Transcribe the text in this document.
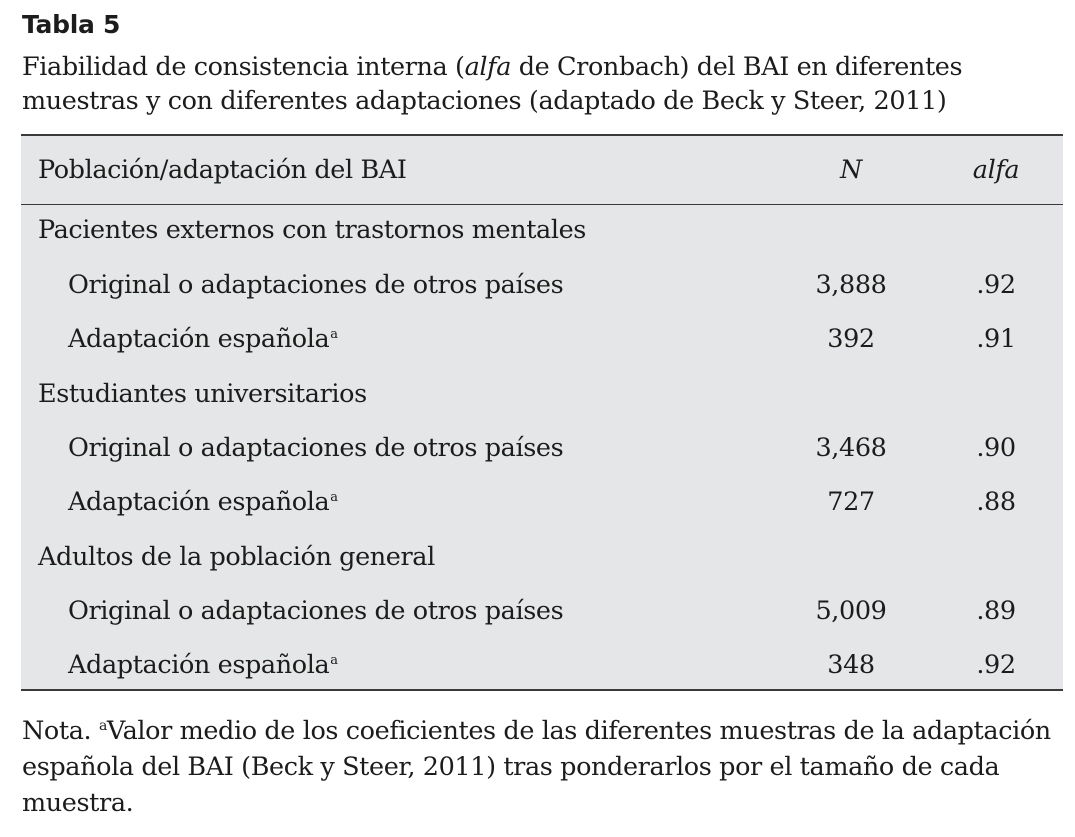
Tabla 5
Fiabilidad de consistencia interna (alfa de Cronbach) del BAI en diferentes muestras y con diferentes adaptaciones (adaptado de Beck y Steer, 2011)
Población/adaptación del BAI	N	alfa
Pacientes externos con trastornos mentales
Original o adaptaciones de otros países	3,888	.92
Adaptación española$^a$	392	.91
Estudiantes universitarios
Original o adaptaciones de otros países	3,468	.90
Adaptación española$^a$	727	.88
Adultos de la población general
Original o adaptaciones de otros países	5,009	.89
Adaptación española$^a$	348	.92
Nota. $^a$Valor medio de los coeficientes de las diferentes muestras de la adaptación española del BAI (Beck y Steer, 2011) tras ponderarlos por el tamaño de cada muestra.
